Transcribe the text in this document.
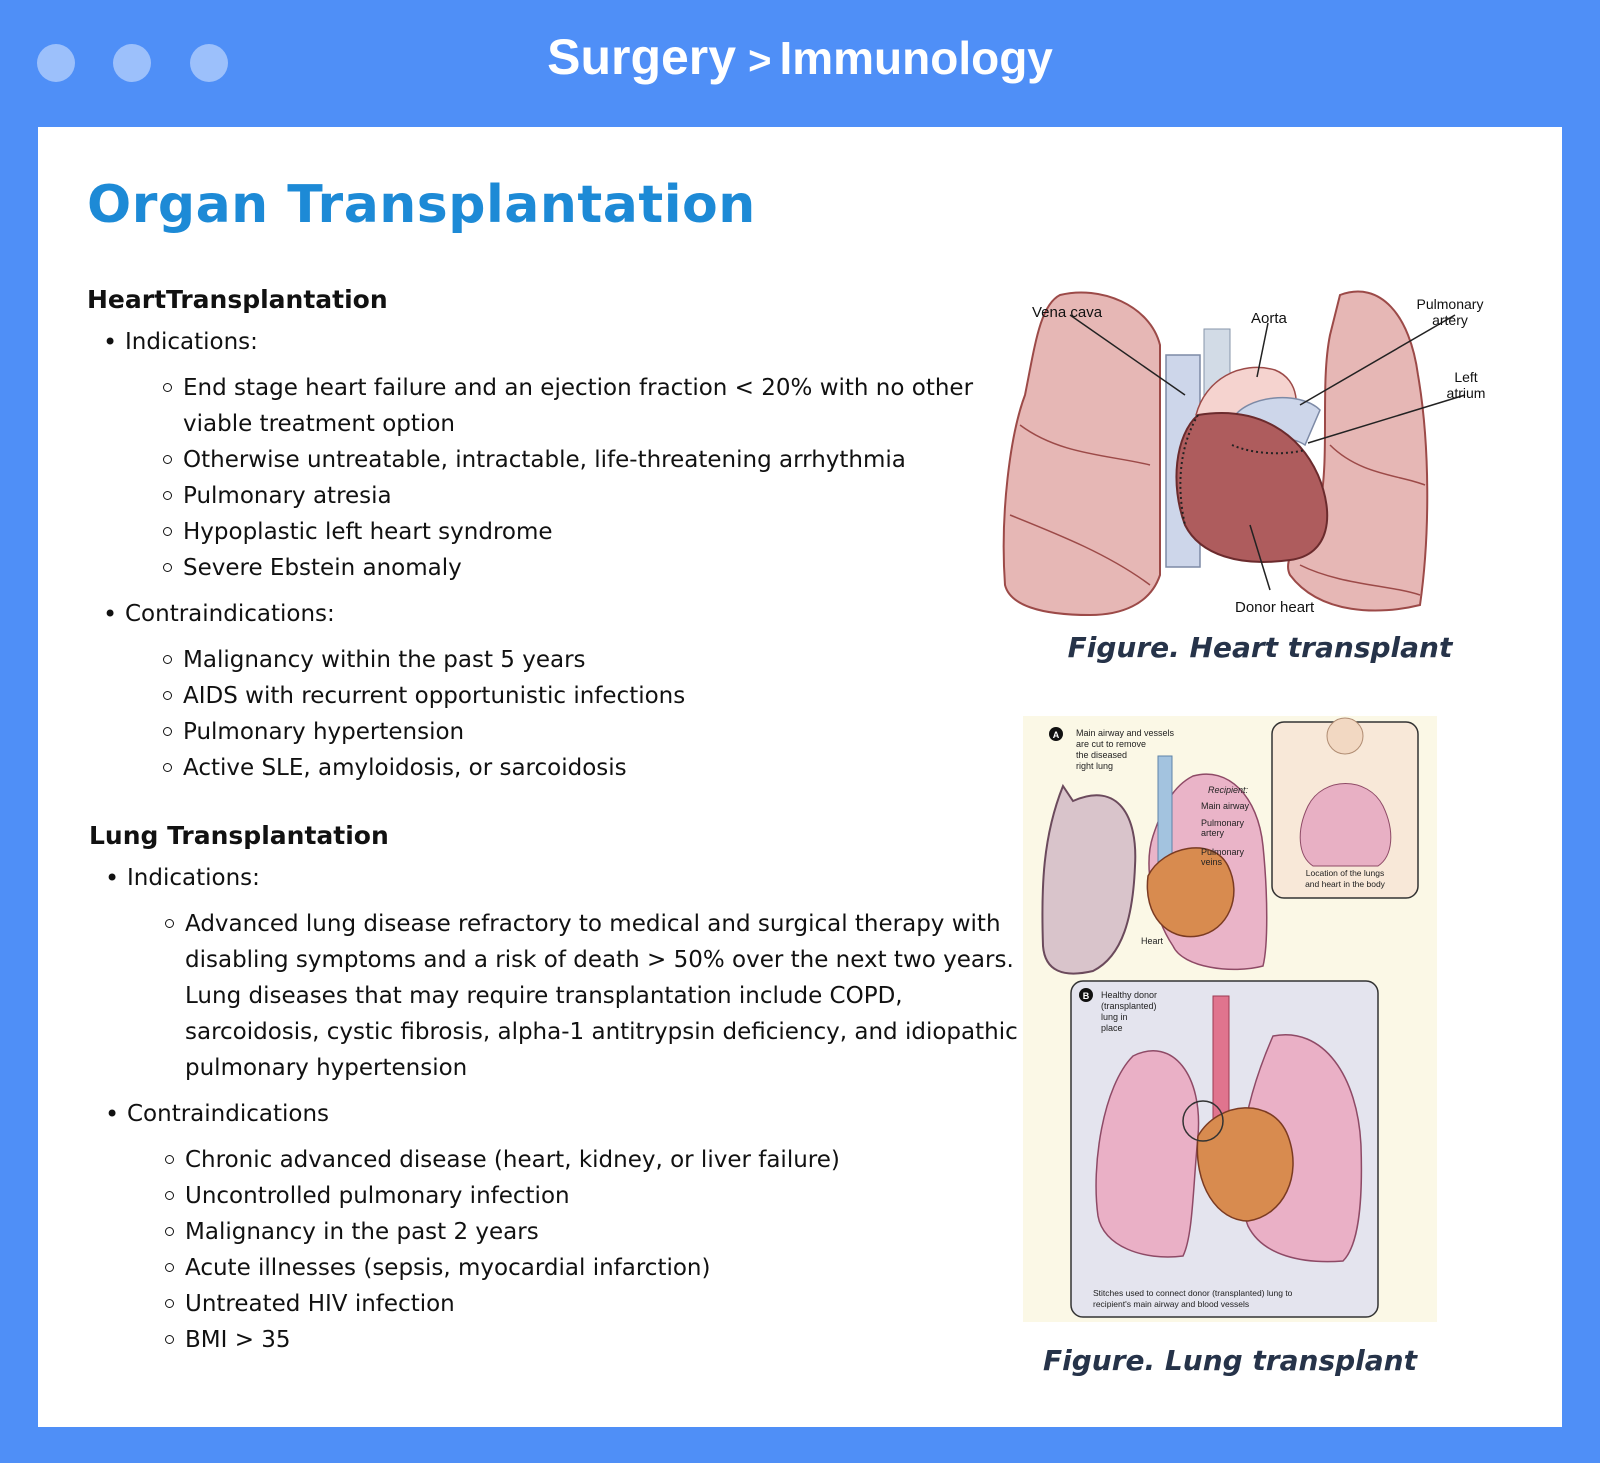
Surgery > Immunology
Organ Transplantation
HeartTransplantation
• Indications:
End stage heart failure and an ejection fraction < 20% with no other viable treatment option
Otherwise untreatable, intractable, life-threatening arrhythmia
Pulmonary atresia
Hypoplastic left heart syndrome
Severe Ebstein anomaly
• Contraindications:
Malignancy within the past 5 years
AIDS with recurrent opportunistic infections
Pulmonary hypertension
Active SLE, amyloidosis, or sarcoidosis
Lung Transplantation
• Indications:
Advanced lung disease refractory to medical and surgical therapy with disabling symptoms and a risk of death > 50% over the next two years. Lung diseases that may require transplantation include COPD, sarcoidosis, cystic fibrosis, alpha-1 antitrypsin deficiency, and idiopathic pulmonary hypertension
• Contraindications
Chronic advanced disease (heart, kidney, or liver failure)
Uncontrolled pulmonary infection
Malignancy in the past 2 years
Acute illnesses (sepsis, myocardial infarction)
Untreated HIV infection
BMI > 35
Vena cava	Aorta
Pulmonary
artery
Left
atrium
Donor heart
Figure. Heart transplant
A Main airway and vessels
are cut to remove
the diseased
right lung
Recipient:
Main airway
Pulmonary
artery
Pulmonary
veins
Heart
Location of the lungs
and heart in the body
B Healthy donor
(transplanted)
lung in
place
Stitches used to connect donor (transplanted) lung to
recipient's main airway and blood vessels
Figure. Lung transplant
